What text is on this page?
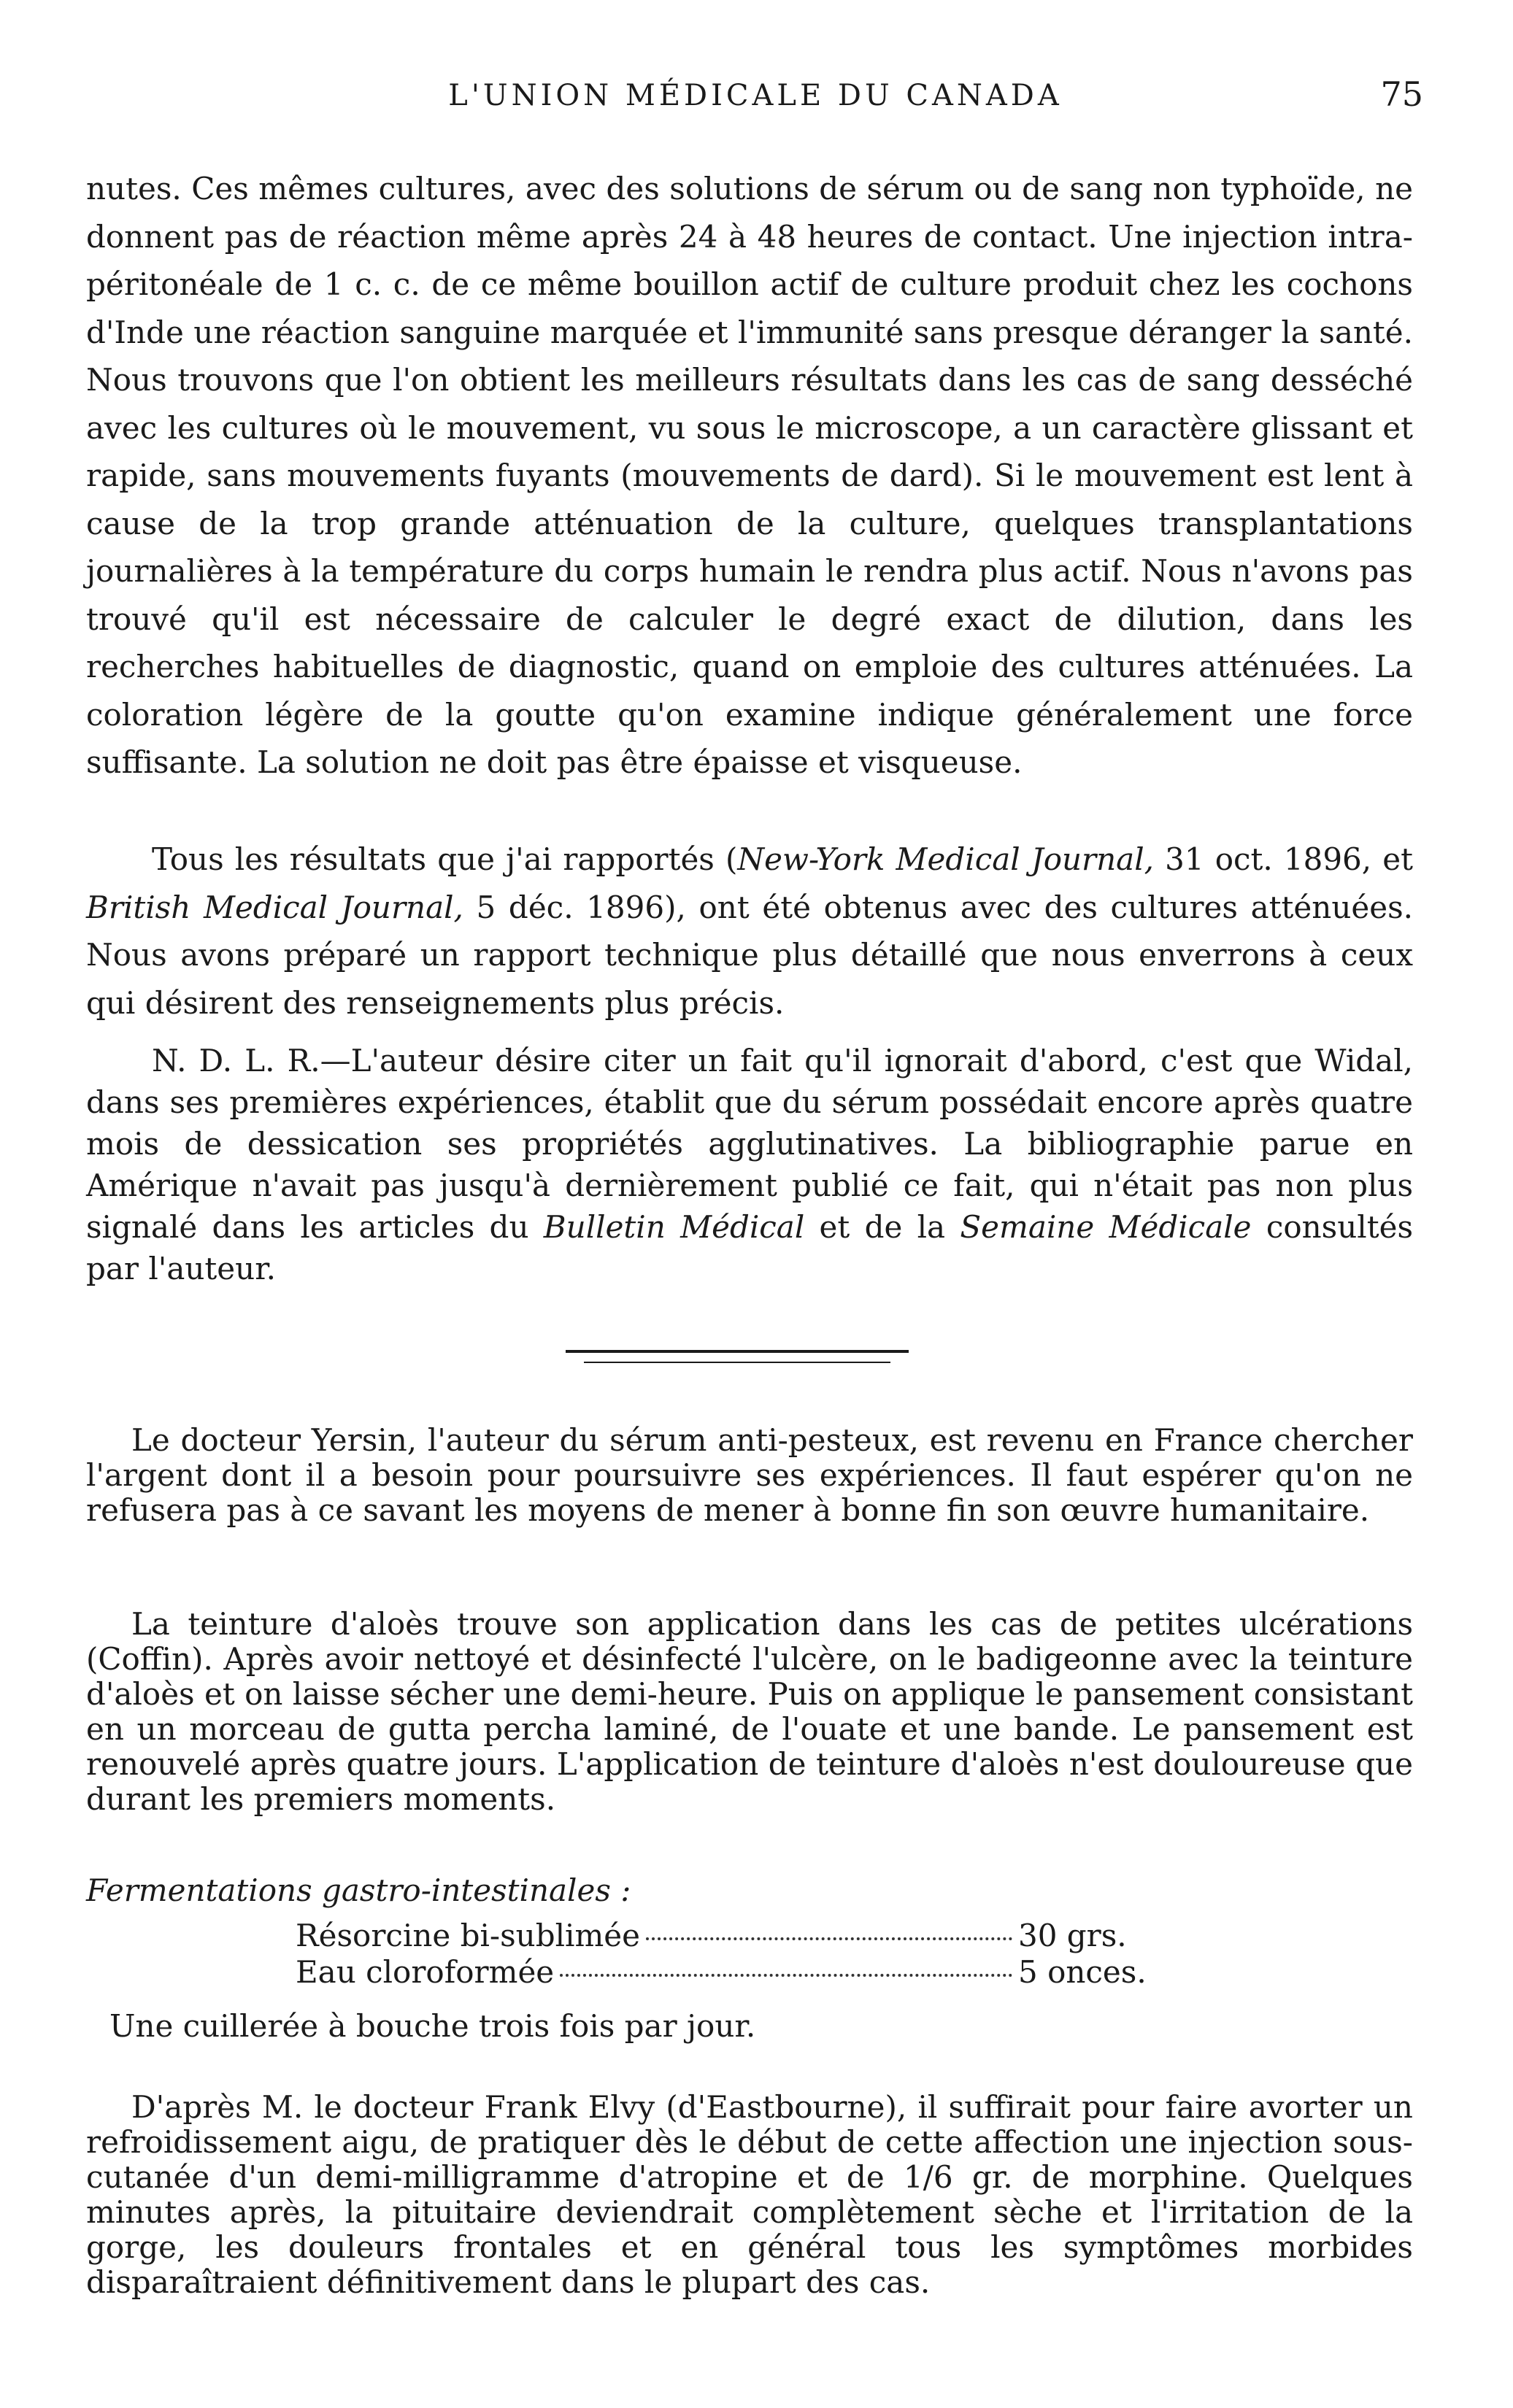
L'UNION MÉDICALE DU CANADA	75

nutes. Ces mêmes cultures, avec des solutions de sérum ou de sang non typhoïde, ne donnent pas de réaction même après 24 à 48 heures de contact. Une injection intra-péritonéale de 1 c. c. de ce même bouillon actif de culture produit chez les cochons d'Inde une réaction sanguine marquée et l'immunité sans presque déranger la santé. Nous trouvons que l'on obtient les meilleurs résultats dans les cas de sang desséché avec les cultures où le mouvement, vu sous le microscope, a un caractère glissant et rapide, sans mouvements fuyants (mouvements de dard). Si le mouvement est lent à cause de la trop grande atténuation de la culture, quelques transplantations journalières à la température du corps humain le rendra plus actif. Nous n'avons pas trouvé qu'il est nécessaire de calculer le degré exact de dilution, dans les recherches habituelles de diagnostic, quand on emploie des cultures atténuées. La coloration légère de la goutte qu'on examine indique généralement une force suffisante. La solution ne doit pas être épaisse et visqueuse.

Tous les résultats que j'ai rapportés (New-York Medical Journal, 31 oct. 1896, et British Medical Journal, 5 déc. 1896), ont été obtenus avec des cultures atténuées. Nous avons préparé un rapport technique plus détaillé que nous enverrons à ceux qui désirent des renseignements plus précis.

N. D. L. R.—L'auteur désire citer un fait qu'il ignorait d'abord, c'est que Widal, dans ses premières expériences, établit que du sérum possédait encore après quatre mois de dessication ses propriétés agglutinatives. La bibliographie parue en Amérique n'avait pas jusqu'à dernièrement publié ce fait, qui n'était pas non plus signalé dans les articles du Bulletin Médical et de la Semaine Médicale consultés par l'auteur.

Le docteur Yersin, l'auteur du sérum anti-pesteux, est revenu en France chercher l'argent dont il a besoin pour poursuivre ses expériences. Il faut espérer qu'on ne refusera pas à ce savant les moyens de mener à bonne fin son œuvre humanitaire.

La teinture d'aloès trouve son application dans les cas de petites ulcérations (Coffin). Après avoir nettoyé et désinfecté l'ulcère, on le badigeonne avec la teinture d'aloès et on laisse sécher une demi-heure. Puis on applique le pansement consistant en un morceau de gutta percha laminé, de l'ouate et une bande. Le pansement est renouvelé après quatre jours. L'application de teinture d'aloès n'est douloureuse que durant les premiers moments.

Fermentations gastro-intestinales :

Résorcine bi-sublimée	30 grs.
Eau cloroformée	5 onces.

Une cuillerée à bouche trois fois par jour.

D'après M. le docteur Frank Elvy (d'Eastbourne), il suffirait pour faire avorter un refroidissement aigu, de pratiquer dès le début de cette affection une injection sous-cutanée d'un demi-milligramme d'atropine et de 1/6 gr. de morphine. Quelques minutes après, la pituitaire deviendrait complètement sèche et l'irritation de la gorge, les douleurs frontales et en général tous les symptômes morbides disparaîtraient définitivement dans le plupart des cas.
